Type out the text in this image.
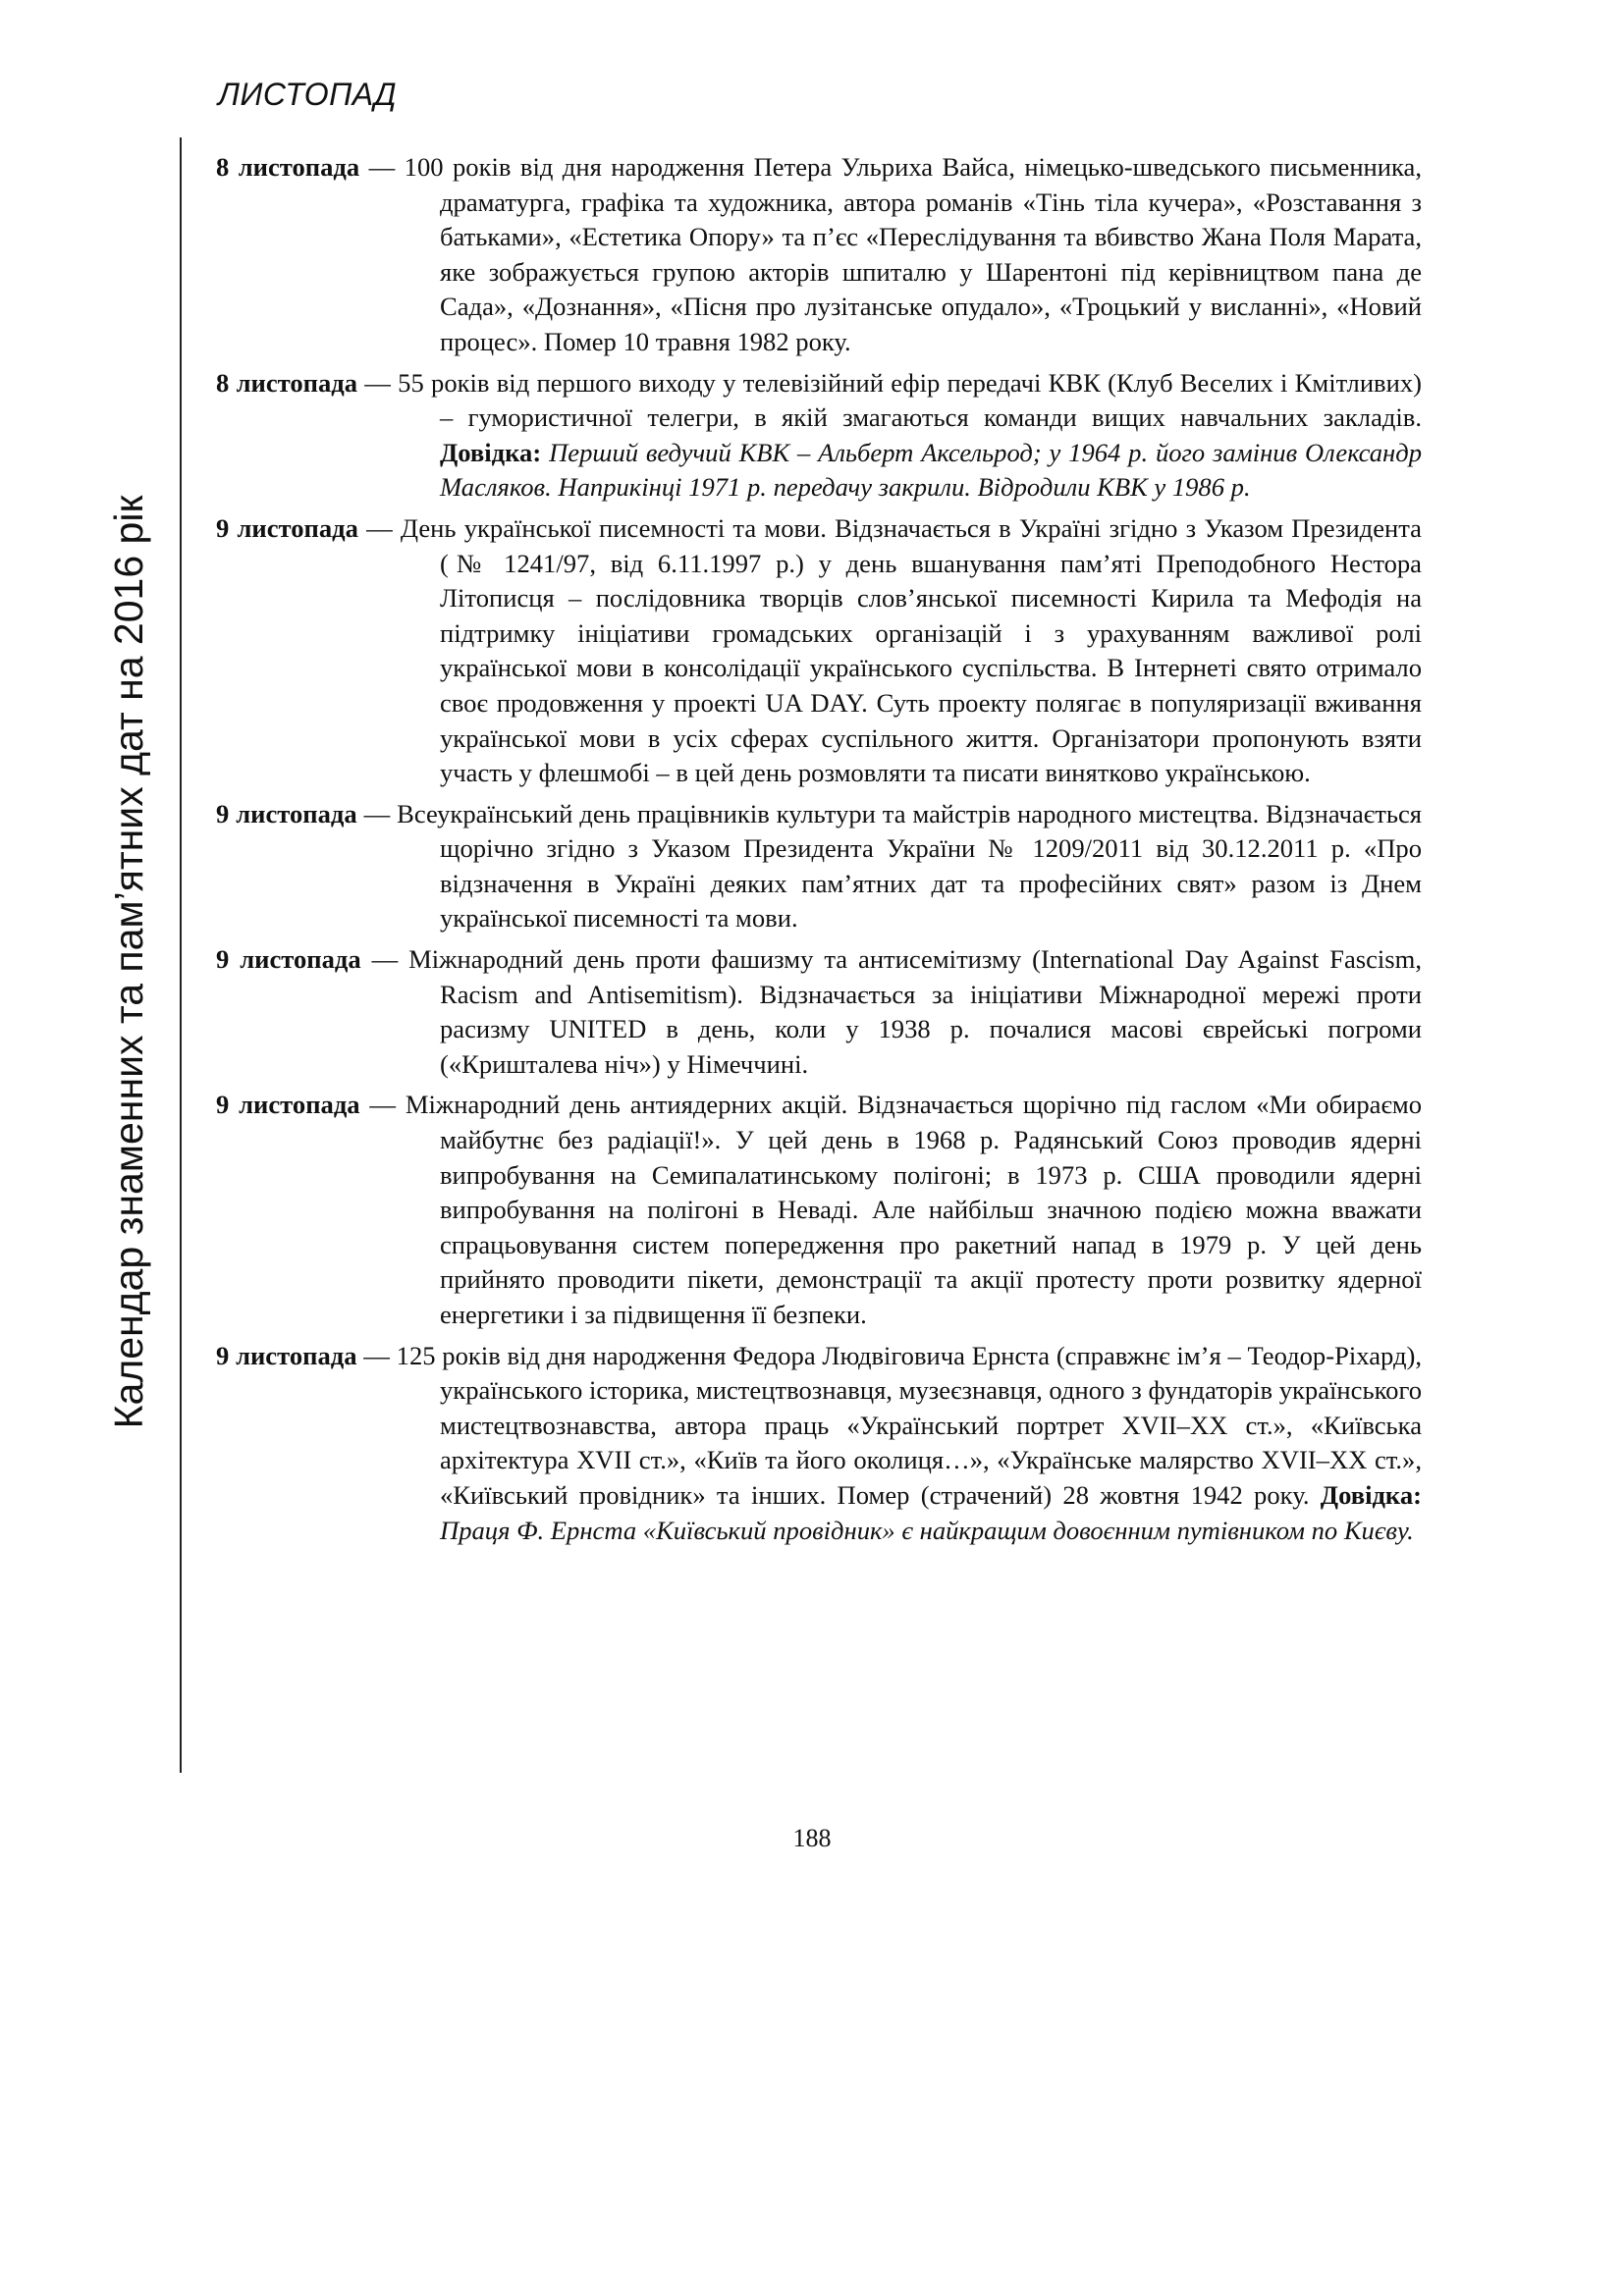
ЛИСТОПАД
Календар знаменних та пам’ятних дат на 2016 рік

8 листопада — 100 років від дня народження Петера Ульриха Вайса, німецько-шведського письменника, драматурга, графіка та художника, автора романів «Тінь тіла кучера», «Розставання з батьками», «Естетика Опору» та п’єс «Переслідування та вбивство Жана Поля Марата, яке зображується групою акторів шпиталю у Шарентоні під керівництвом пана де Сада», «Дознання», «Пісня про лузітанське опудало», «Троцький у висланні», «Новий процес». Помер 10 травня 1982 року.

8 листопада — 55 років від першого виходу у телевізійний ефір передачі КВК (Клуб Веселих і Кмітливих) – гумористичної телегри, в якій змагаються команди вищих навчальних закладів. Довідка: Перший ведучий КВК – Альберт Аксельрод; у 1964 р. його замінив Олександр Масляков. Наприкінці 1971 р. передачу закрили. Відродили КВК у 1986 р.

9 листопада — День української писемності та мови. Відзначається в Україні згідно з Указом Президента (№ 1241/97, від 6.11.1997 р.) у день вшанування пам’яті Преподобного Нестора Літописця – послідовника творців слов’янської писемності Кирила та Мефодія на підтримку ініціативи громадських організацій і з урахуванням важливої ролі української мови в консолідації українського суспільства. В Інтернеті свято отримало своє продовження у проекті UA DAY. Суть проекту полягає в популяризації вживання української мови в усіх сферах суспільного життя. Організатори пропонують взяти участь у флешмобі – в цей день розмовляти та писати винятково українською.

9 листопада — Всеукраїнський день працівників культури та майстрів народного мистецтва. Відзначається щорічно згідно з Указом Президента України № 1209/2011 від 30.12.2011 р. «Про відзначення в Україні деяких пам’ятних дат та професійних свят» разом із Днем української писемності та мови.

9 листопада — Міжнародний день проти фашизму та антисемітизму (International Day Against Fascism, Racism and Antisemitism). Відзначається за ініціативи Міжнародної мережі проти расизму UNITED в день, коли у 1938 р. почалися масові єврейські погроми («Кришталева ніч») у Німеччині.

9 листопада — Міжнародний день антиядерних акцій. Відзначається щорічно під гаслом «Ми обираємо майбутнє без радіації!». У цей день в 1968 р. Радянський Союз проводив ядерні випробування на Семипалатинському полігоні; в 1973 р. США проводили ядерні випробування на полігоні в Неваді. Але найбільш значною подією можна вважати спрацьовування систем попередження про ракетний напад в 1979 р. У цей день прийнято проводити пікети, демонстрації та акції протесту проти розвитку ядерної енергетики і за підвищення її безпеки.

9 листопада — 125 років від дня народження Федора Людвіговича Ернста (справжнє ім’я – Теодор-Ріхард), українського історика, мистецтвознавця, музеєзнавця, одного з фундаторів українського мистецтвознавства, автора праць «Український портрет XVII–XX ст.», «Київська архітектура XVII ст.», «Київ та його околиця…», «Українське малярство XVII–XX ст.», «Київський провідник» та інших. Помер (страчений) 28 жовтня 1942 року. Довідка: Праця Ф. Ернста «Київський провідник» є найкращим довоєнним путівником по Києву.

188
